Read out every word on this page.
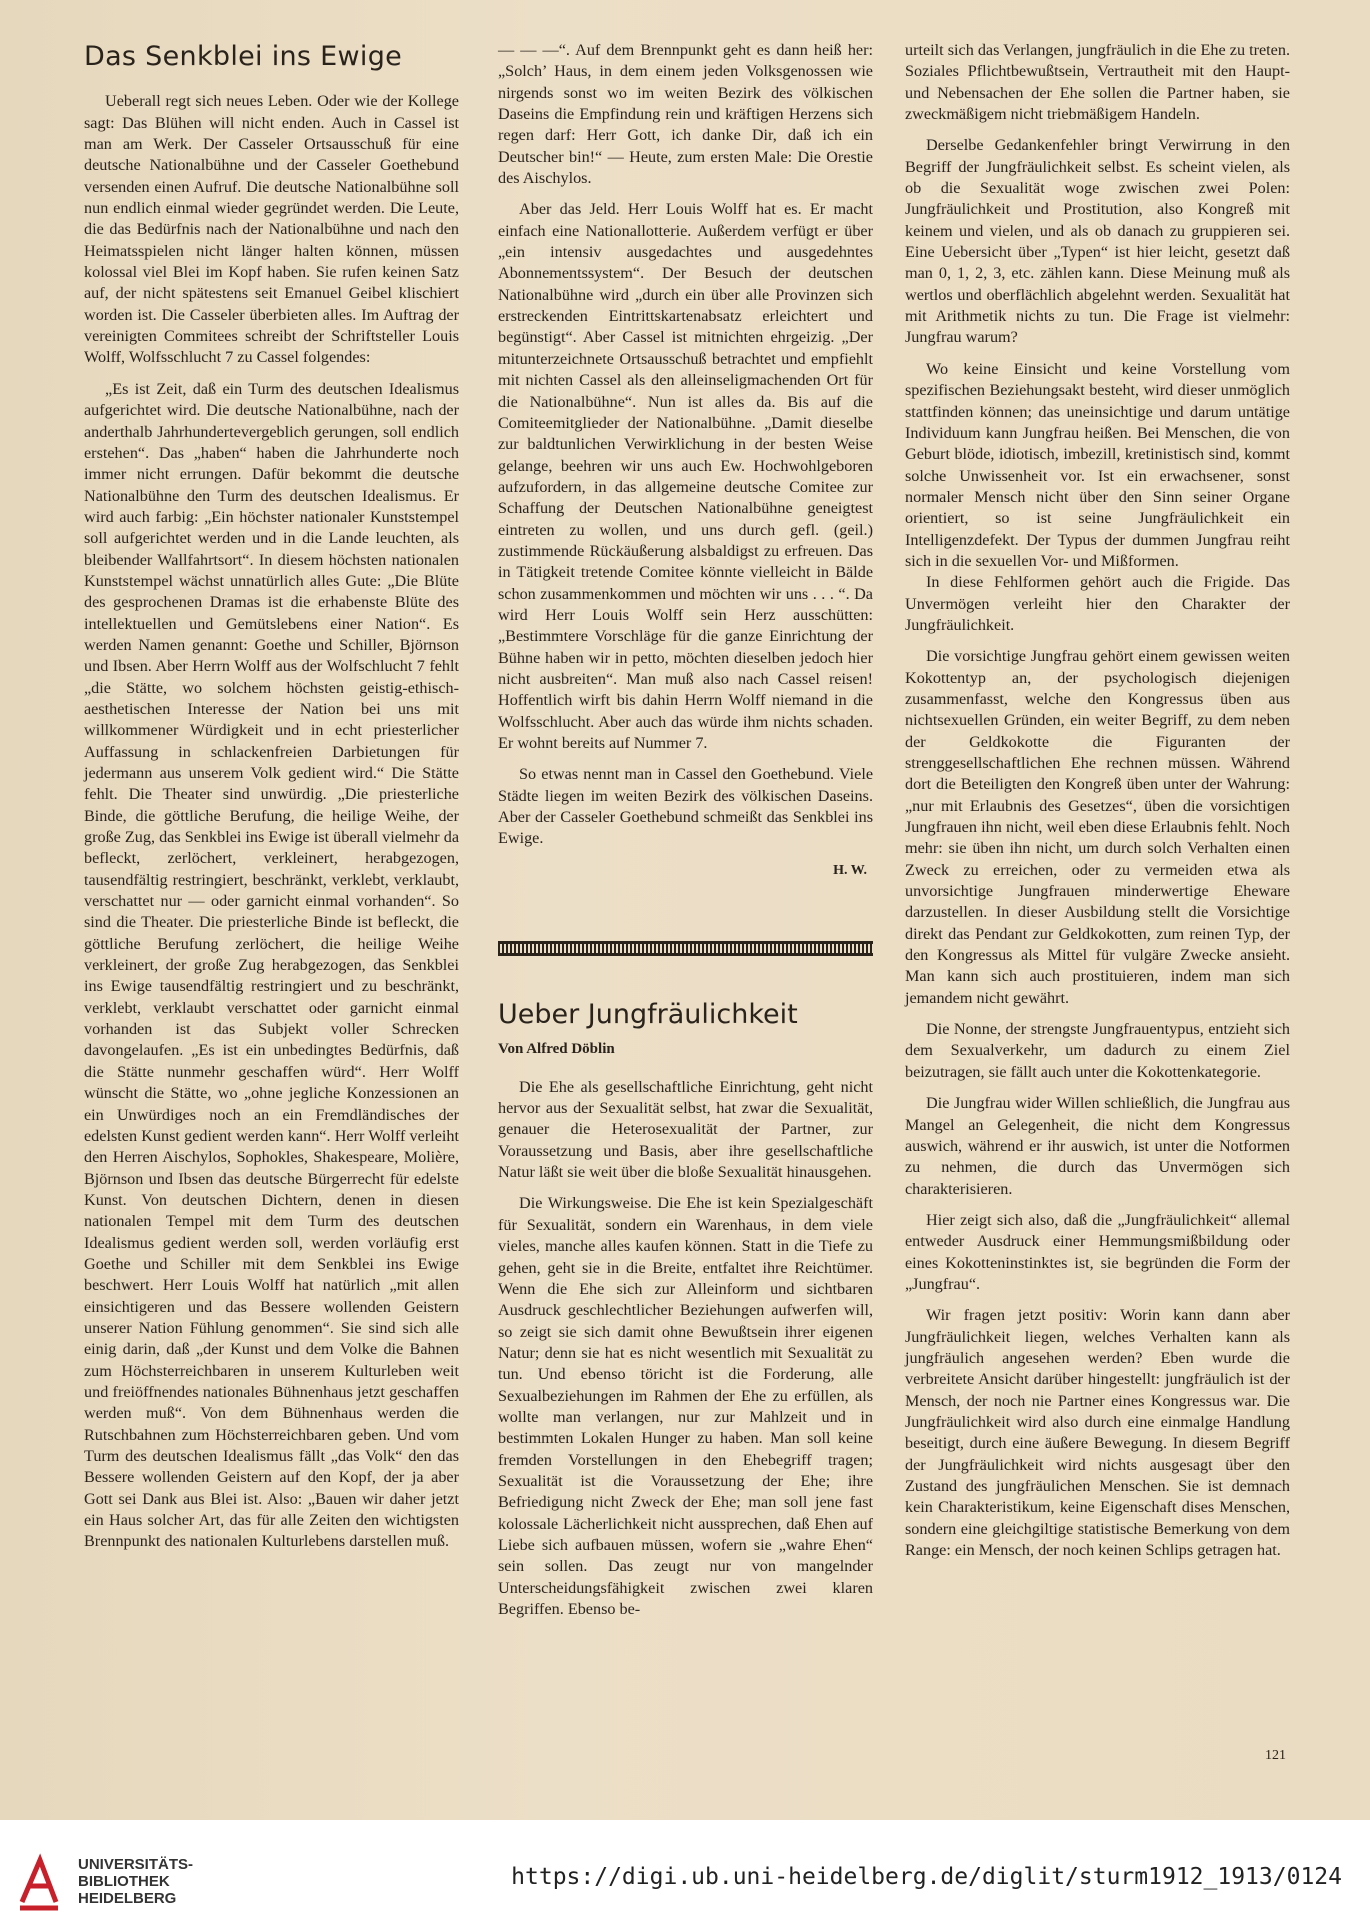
Das Senkblei ins Ewige

Ueberall regt sich neues Leben. Oder wie der Kollege sagt: Das Blühen will nicht enden. Auch in Cassel ist man am Werk. Der Casseler Ortsausschuß für eine deutsche Nationalbühne und der Casseler Goethebund versenden einen Aufruf. Die deutsche Nationalbühne soll nun endlich einmal wieder gegründet werden. Die Leute, die das Bedürfnis nach der Nationalbühne und nach den Heimatsspielen nicht länger halten können, müssen kolossal viel Blei im Kopf haben. Sie rufen keinen Satz auf, der nicht spätestens seit Emanuel Geibel klischiert worden ist. Die Casseler überbieten alles. Im Auftrag der vereinigten Commitees schreibt der Schriftsteller Louis Wolff, Wolfsschlucht 7 zu Cassel folgendes:

„Es ist Zeit, daß ein Turm des deutschen Idealismus aufgerichtet wird. Die deutsche Nationalbühne, nach der anderthalb Jahrhundertevergeblich gerungen, soll endlich erstehen“. Das „haben“ haben die Jahrhunderte noch immer nicht errungen. Dafür bekommt die deutsche Nationalbühne den Turm des deutschen Idealismus. Er wird auch farbig: „Ein höchster nationaler Kunststempel soll aufgerichtet werden und in die Lande leuchten, als bleibender Wallfahrtsort“. In diesem höchsten nationalen Kunststempel wächst unnatürlich alles Gute: „Die Blüte des gesprochenen Dramas ist die erhabenste Blüte des intellektuellen und Gemütslebens einer Nation“. Es werden Namen genannt: Goethe und Schiller, Björnson und Ibsen. Aber Herrn Wolff aus der Wolfschlucht 7 fehlt „die Stätte, wo solchem höchsten geistig-ethisch-aesthetischen Interesse der Nation bei uns mit willkommener Würdigkeit und in echt priesterlicher Auffassung in schlackenfreien Darbietungen für jedermann aus unserem Volk gedient wird.“ Die Stätte fehlt. Die Theater sind unwürdig. „Die priesterliche Binde, die göttliche Berufung, die heilige Weihe, der große Zug, das Senkblei ins Ewige ist überall vielmehr da befleckt, zerlöchert, verkleinert, herabgezogen, tausendfältig restringiert, beschränkt, verklebt, verklaubt, verschattet nur — oder garnicht einmal vorhanden“. So sind die Theater. Die priesterliche Binde ist befleckt, die göttliche Berufung zerlöchert, die heilige Weihe verkleinert, der große Zug herabgezogen, das Senkblei ins Ewige tausendfältig restringiert und zu beschränkt, verklebt, verklaubt verschattet oder garnicht einmal vorhanden ist das Subjekt voller Schrecken davongelaufen. „Es ist ein unbedingtes Bedürfnis, daß die Stätte nunmehr geschaffen würd“. Herr Wolff wünscht die Stätte, wo „ohne jegliche Konzessionen an ein Unwürdiges noch an ein Fremdländisches der edelsten Kunst gedient werden kann“. Herr Wolff verleiht den Herren Aischylos, Sophokles, Shakespeare, Molière, Björnson und Ibsen das deutsche Bürgerrecht für edelste Kunst. Von deutschen Dichtern, denen in diesen nationalen Tempel mit dem Turm des deutschen Idealismus gedient werden soll, werden vorläufig erst Goethe und Schiller mit dem Senkblei ins Ewige beschwert. Herr Louis Wolff hat natürlich „mit allen einsichtigeren und das Bessere wollenden Geistern unserer Nation Fühlung genommen“. Sie sind sich alle einig darin, daß „der Kunst und dem Volke die Bahnen zum Höchsterreichbaren in unserem Kulturleben weit und freiöffnendes nationales Bühnenhaus jetzt geschaffen werden muß“. Von dem Bühnenhaus werden die Rutschbahnen zum Höchsterreichbaren geben. Und vom Turm des deutschen Idealismus fällt „das Volk“ den das Bessere wollenden Geistern auf den Kopf, der ja aber Gott sei Dank aus Blei ist. Also: „Bauen wir daher jetzt ein Haus solcher Art, das für alle Zeiten den wichtigsten Brennpunkt des nationalen Kulturlebens darstellen muß.

— — —“. Auf dem Brennpunkt geht es dann heiß her: „Solch’ Haus, in dem einem jeden Volksgenossen wie nirgends sonst wo im weiten Bezirk des völkischen Daseins die Empfindung rein und kräftigen Herzens sich regen darf: Herr Gott, ich danke Dir, daß ich ein Deutscher bin!“ — Heute, zum ersten Male: Die Orestie des Aischylos.

Aber das Jeld. Herr Louis Wolff hat es. Er macht einfach eine Nationallotterie. Außerdem verfügt er über „ein intensiv ausgedachtes und ausgedehntes Abonnementssystem“. Der Besuch der deutschen Nationalbühne wird „durch ein über alle Provinzen sich erstreckenden Eintrittskartenabsatz erleichtert und begünstigt“. Aber Cassel ist mitnichten ehrgeizig. „Der mitunterzeichnete Ortsausschuß betrachtet und empfiehlt mit nichten Cassel als den alleinseligmachenden Ort für die Nationalbühne“. Nun ist alles da. Bis auf die Comiteemitglieder der Nationalbühne. „Damit dieselbe zur baldtunlichen Verwirklichung in der besten Weise gelange, beehren wir uns auch Ew. Hochwohlgeboren aufzufordern, in das allgemeine deutsche Comitee zur Schaffung der Deutschen Nationalbühne geneigtest eintreten zu wollen, und uns durch gefl. (geil.) zustimmende Rückäußerung alsbaldigst zu erfreuen. Das in Tätigkeit tretende Comitee könnte vielleicht in Bälde schon zusammenkommen und möchten wir uns . . . “. Da wird Herr Louis Wolff sein Herz ausschütten: „Bestimmtere Vorschläge für die ganze Einrichtung der Bühne haben wir in petto, möchten dieselben jedoch hier nicht ausbreiten“. Man muß also nach Cassel reisen! Hoffentlich wirft bis dahin Herrn Wolff niemand in die Wolfsschlucht. Aber auch das würde ihm nichts schaden. Er wohnt bereits auf Nummer 7.

So etwas nennt man in Cassel den Goethebund. Viele Städte liegen im weiten Bezirk des völkischen Daseins. Aber der Casseler Goethebund schmeißt das Senkblei ins Ewige.

H. W.
Ueber Jungfräulichkeit
Von Alfred Döblin

Die Ehe als gesellschaftliche Einrichtung, geht nicht hervor aus der Sexualität selbst, hat zwar die Sexualität, genauer die Heterosexualität der Partner, zur Voraussetzung und Basis, aber ihre gesellschaftliche Natur läßt sie weit über die bloße Sexualität hinausgehen.

Die Wirkungsweise. Die Ehe ist kein Spezialgeschäft für Sexualität, sondern ein Warenhaus, in dem viele vieles, manche alles kaufen können. Statt in die Tiefe zu gehen, geht sie in die Breite, entfaltet ihre Reichtümer. Wenn die Ehe sich zur Alleinform und sichtbaren Ausdruck geschlechtlicher Beziehungen aufwerfen will, so zeigt sie sich damit ohne Bewußtsein ihrer eigenen Natur; denn sie hat es nicht wesentlich mit Sexualität zu tun. Und ebenso töricht ist die Forderung, alle Sexualbeziehungen im Rahmen der Ehe zu erfüllen, als wollte man verlangen, nur zur Mahlzeit und in bestimmten Lokalen Hunger zu haben. Man soll keine fremden Vorstellungen in den Ehebegriff tragen; Sexualität ist die Voraussetzung der Ehe; ihre Befriedigung nicht Zweck der Ehe; man soll jene fast kolossale Lächerlichkeit nicht aussprechen, daß Ehen auf Liebe sich aufbauen müssen, wofern sie „wahre Ehen“ sein sollen. Das zeugt nur von mangelnder Unterscheidungsfähigkeit zwischen zwei klaren Begriffen. Ebenso be-

urteilt sich das Verlangen, jungfräulich in die Ehe zu treten. Soziales Pflichtbewußtsein, Vertrautheit mit den Haupt- und Nebensachen der Ehe sollen die Partner haben, sie zweckmäßigem nicht triebmäßigem Handeln.

Derselbe Gedankenfehler bringt Verwirrung in den Begriff der Jungfräulichkeit selbst. Es scheint vielen, als ob die Sexualität woge zwischen zwei Polen: Jungfräulichkeit und Prostitution, also Kongreß mit keinem und vielen, und als ob danach zu gruppieren sei. Eine Uebersicht über „Typen“ ist hier leicht, gesetzt daß man 0, 1, 2, 3, etc. zählen kann. Diese Meinung muß als wertlos und oberflächlich abgelehnt werden. Sexualität hat mit Arithmetik nichts zu tun. Die Frage ist vielmehr: Jungfrau warum?

Wo keine Einsicht und keine Vorstellung vom spezifischen Beziehungsakt besteht, wird dieser unmöglich stattfinden können; das uneinsichtige und darum untätige Individuum kann Jungfrau heißen. Bei Menschen, die von Geburt blöde, idiotisch, imbezill, kretinistisch sind, kommt solche Unwissenheit vor. Ist ein erwachsener, sonst normaler Mensch nicht über den Sinn seiner Organe orientiert, so ist seine Jungfräulichkeit ein Intelligenzdefekt. Der Typus der dummen Jungfrau reiht sich in die sexuellen Vor- und Mißformen.

In diese Fehlformen gehört auch die Frigide. Das Unvermögen verleiht hier den Charakter der Jungfräulichkeit.

Die vorsichtige Jungfrau gehört einem gewissen weiten Kokottentyp an, der psychologisch diejenigen zusammenfasst, welche den Kongressus üben aus nichtsexuellen Gründen, ein weiter Begriff, zu dem neben der Geldkokotte die Figuranten der strenggesellschaftlichen Ehe rechnen müssen. Während dort die Beteiligten den Kongreß üben unter der Wahrung: „nur mit Erlaubnis des Gesetzes“, üben die vorsichtigen Jungfrauen ihn nicht, weil eben diese Erlaubnis fehlt. Noch mehr: sie üben ihn nicht, um durch solch Verhalten einen Zweck zu erreichen, oder zu vermeiden etwa als unvorsichtige Jungfrauen minderwertige Eheware darzustellen. In dieser Ausbildung stellt die Vorsichtige direkt das Pendant zur Geldkokotten, zum reinen Typ, der den Kongressus als Mittel für vulgäre Zwecke ansieht. Man kann sich auch prostituieren, indem man sich jemandem nicht gewährt.

Die Nonne, der strengste Jungfrauentypus, entzieht sich dem Sexualverkehr, um dadurch zu einem Ziel beizutragen, sie fällt auch unter die Kokottenkategorie.

Die Jungfrau wider Willen schließlich, die Jungfrau aus Mangel an Gelegenheit, die nicht dem Kongressus auswich, während er ihr auswich, ist unter die Notformen zu nehmen, die durch das Unvermögen sich charakterisieren.

Hier zeigt sich also, daß die „Jungfräulichkeit“ allemal entweder Ausdruck einer Hemmungsmißbildung oder eines Kokotteninstinktes ist, sie begründen die Form der „Jungfrau“.

Wir fragen jetzt positiv: Worin kann dann aber Jungfräulichkeit liegen, welches Verhalten kann als jungfräulich angesehen werden? Eben wurde die verbreitete Ansicht darüber hingestellt: jungfräulich ist der Mensch, der noch nie Partner eines Kongressus war. Die Jungfräulichkeit wird also durch eine einmalge Handlung beseitigt, durch eine äußere Bewegung. In diesem Begriff der Jungfräulichkeit wird nichts ausgesagt über den Zustand des jungfräulichen Menschen. Sie ist demnach kein Charakteristikum, keine Eigenschaft dises Menschen, sondern eine gleichgiltige statistische Bemerkung von dem Range: ein Mensch, der noch keinen Schlips getragen hat.

121
UNIVERSITÄTS-
BIBLIOTHEK
HEIDELBERG
https://digi.ub.uni-heidelberg.de/diglit/sturm1912_1913/0124
